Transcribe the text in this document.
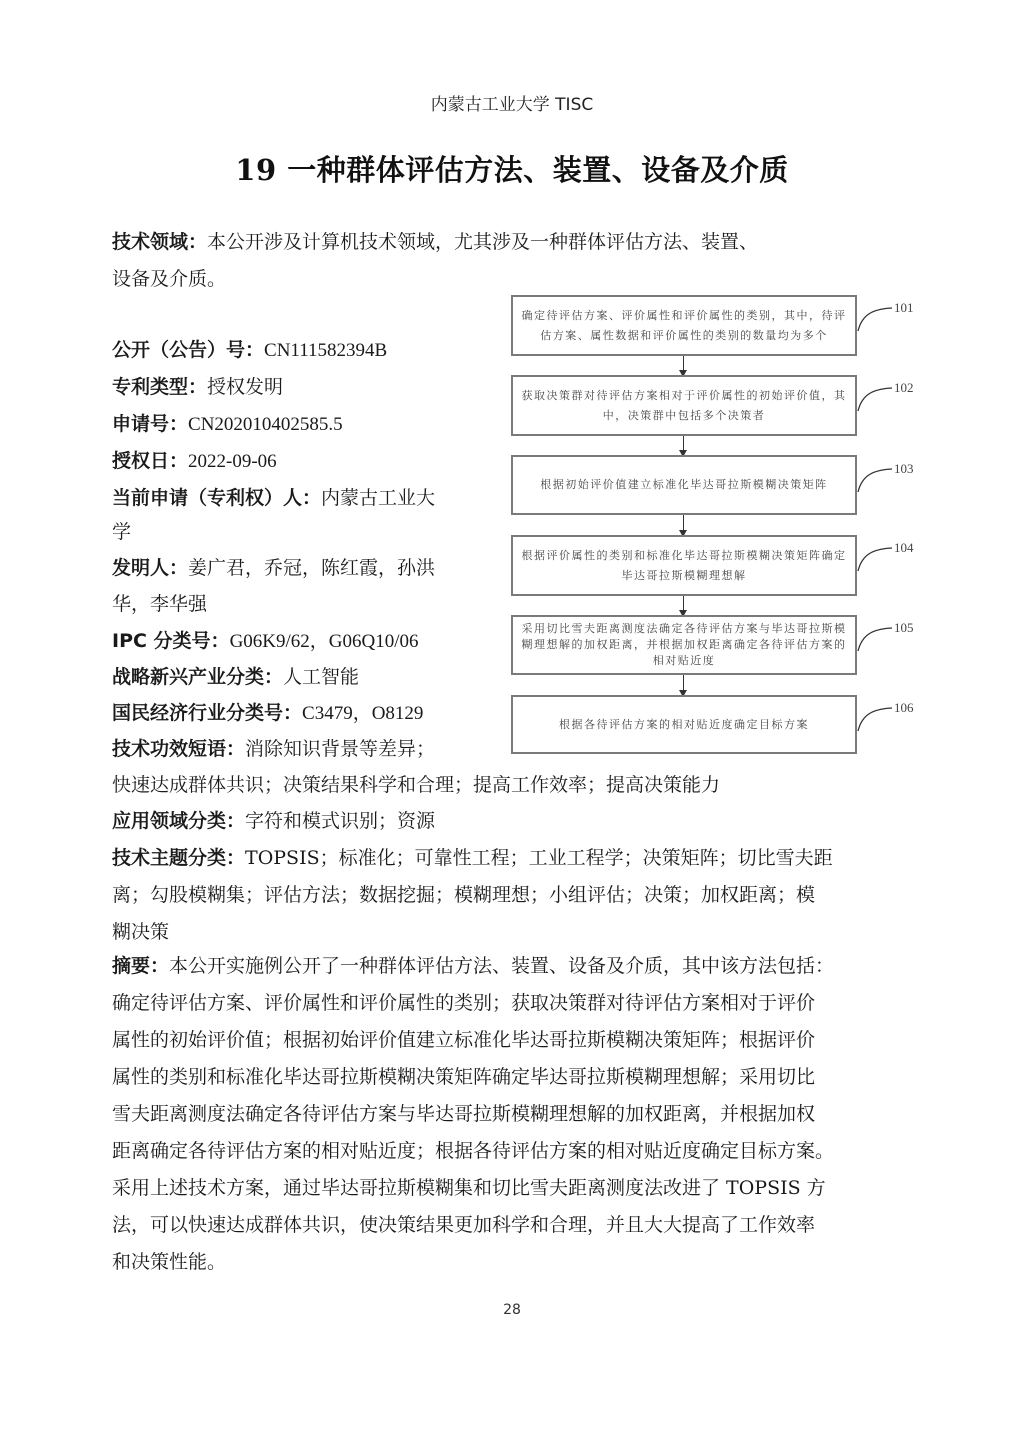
内蒙古工业大学 TISC
19 一种群体评估方法、装置、设备及介质
技术领域：本公开涉及计算机技术领域，尤其涉及一种群体评估方法、装置、
设备及介质。
公开（公告）号：CN111582394B
专利类型：授权发明
申请号：CN202010402585.5
授权日：2022-09-06
当前申请（专利权）人：内蒙古工业大
学
发明人：姜广君，乔冠，陈红霞，孙洪
华，李华强
IPC 分类号：G06K9/62，G06Q10/06
战略新兴产业分类：人工智能
国民经济行业分类号：C3479，O8129
技术功效短语：消除知识背景等差异；
快速达成群体共识；决策结果科学和合理；提高工作效率；提高决策能力
应用领域分类：字符和模式识别；资源
技术主题分类：TOPSIS；标准化；可靠性工程；工业工程学；决策矩阵；切比雪夫距
离；勾股模糊集；评估方法；数据挖掘；模糊理想；小组评估；决策；加权距离；模
糊决策
摘要：本公开实施例公开了一种群体评估方法、装置、设备及介质，其中该方法包括：
确定待评估方案、评价属性和评价属性的类别；获取决策群对待评估方案相对于评价
属性的初始评价值；根据初始评价值建立标准化毕达哥拉斯模糊决策矩阵；根据评价
属性的类别和标准化毕达哥拉斯模糊决策矩阵确定毕达哥拉斯模糊理想解；采用切比
雪夫距离测度法确定各待评估方案与毕达哥拉斯模糊理想解的加权距离，并根据加权
距离确定各待评估方案的相对贴近度；根据各待评估方案的相对贴近度确定目标方案。
采用上述技术方案，通过毕达哥拉斯模糊集和切比雪夫距离测度法改进了 TOPSIS 方
法，可以快速达成群体共识，使决策结果更加科学和合理，并且大大提高了工作效率
和决策性能。
确定待评估方案、评价属性和评价属性的类别，其中，待评估方案、属性数据和评价属性的类别的数量均为多个
获取决策群对待评估方案相对于评价属性的初始评价值，其中，决策群中包括多个决策者
根据初始评价值建立标准化毕达哥拉斯模糊决策矩阵
根据评价属性的类别和标准化毕达哥拉斯模糊决策矩阵确定毕达哥拉斯模糊理想解
采用切比雪夫距离测度法确定各待评估方案与毕达哥拉斯模糊理想解的加权距离，并根据加权距离确定各待评估方案的相对贴近度
根据各待评估方案的相对贴近度确定目标方案
101
102
103
104
105
106
28
